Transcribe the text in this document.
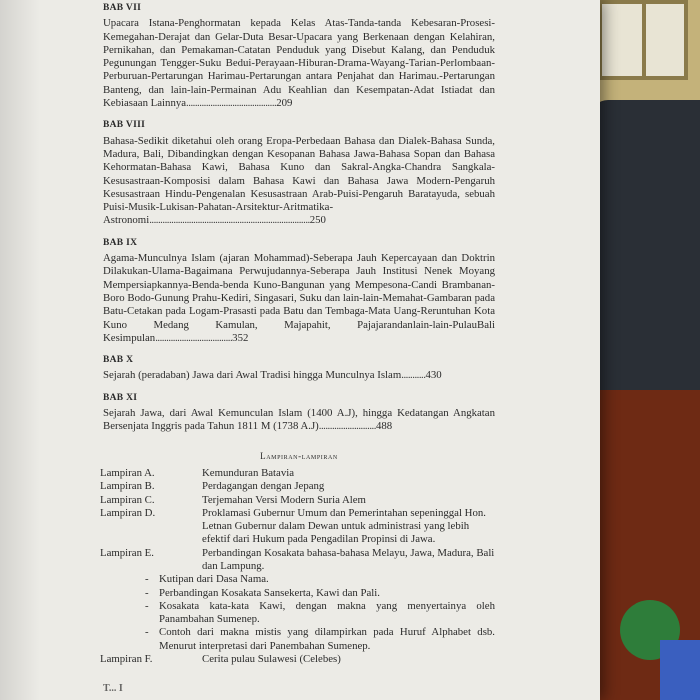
BAB VII
Upacara Istana-Penghormatan kepada Kelas Atas-Tanda-tanda Kebesaran-Prosesi-Kemegahan-Derajat dan Gelar-Duta Besar-Upacara yang Berkenaan dengan Kelahiran, Pernikahan, dan Pemakaman-Catatan Penduduk yang Disebut Kalang, dan Penduduk Pegunungan Tengger-Suku Bedui-Perayaan-Hiburan-Drama-Wayang-Tarian-Perlombaan-Perburuan-Pertarungan Harimau-Pertarungan antara Penjahat dan Harimau.-Pertarungan Banteng, dan lain-lain-Permainan Adu Keahlian dan Kesempatan-Adat Istiadat dan Kebiasaan Lainnya.........................................209
BAB VIII
Bahasa-Sedikit diketahui oleh orang Eropa-Perbedaan Bahasa dan Dialek-Bahasa Sunda, Madura, Bali, Dibandingkan dengan Kesopanan Bahasa Jawa-Bahasa Sopan dan Bahasa Kehormatan-Bahasa Kawi, Bahasa Kuno dan Sakral-Angka-Chandra Sangkala-Kesusastraan-Komposisi dalam Bahasa Kawi dan Bahasa Jawa Modern-Pengaruh Kesusastraan Hindu-Pengenalan Kesusastraan Arab-Puisi-Pengaruh Baratayuda, sebuah Puisi-Musik-Lukisan-Pahatan-Arsitektur-Aritmatika-Astronomi.........................................................................250
BAB IX
Agama-Munculnya Islam (ajaran Mohammad)-Seberapa Jauh Kepercayaan dan Doktrin Dilakukan-Ulama-Bagaimana Perwujudannya-Seberapa Jauh Institusi Nenek Moyang Mempersiapkannya-Benda-benda Kuno-Bangunan yang Mempesona-Candi Brambanan-Boro Bodo-Gunung Prahu-Kediri, Singasari, Suku dan lain-lain-Memahat-Gambaran pada Batu-Cetakan pada Logam-Prasasti pada Batu dan Tembaga-Mata Uang-Reruntuhan Kota Kuno Medang Kamulan, Majapahit, Pajajarandanlain-lain-PulauBali Kesimpulan...................................352
BAB X
Sejarah (peradaban) Jawa dari Awal Tradisi hingga Munculnya Islam...........430
BAB XI
Sejarah Jawa, dari Awal Kemunculan Islam (1400 A.J), hingga Kedatangan Angkatan Bersenjata Inggris pada Tahun 1811 M (1738 A.J)..........................488
Lampiran-lampiran
Lampiran A.	Kemunduran Batavia
Lampiran B.	Perdagangan dengan Jepang
Lampiran C.	Terjemahan Versi Modern Suria Alem
Lampiran D.	Proklamasi Gubernur Umum dan Pemerintahan sepeninggal Hon. Letnan Gubernur dalam Dewan untuk administrasi yang lebih efektif dari Hukum pada Pengadilan Propinsi di Jawa.
Lampiran E.	Perbandingan Kosakata bahasa-bahasa Melayu, Jawa, Madura, Bali dan Lampung.
- Kutipan dari Dasa Nama.
- Perbandingan Kosakata Sansekerta, Kawi dan Pali.
- Kosakata kata-kata Kawi, dengan makna yang menyertainya oleh Panambahan Sumenep.
- Contoh dari makna mistis yang dilampirkan pada Huruf Alphabet dsb. Menurut interpretasi dari Panembahan Sumenep.
Lampiran F.	Cerita pulau Sulawesi (Celebes)
T... I
